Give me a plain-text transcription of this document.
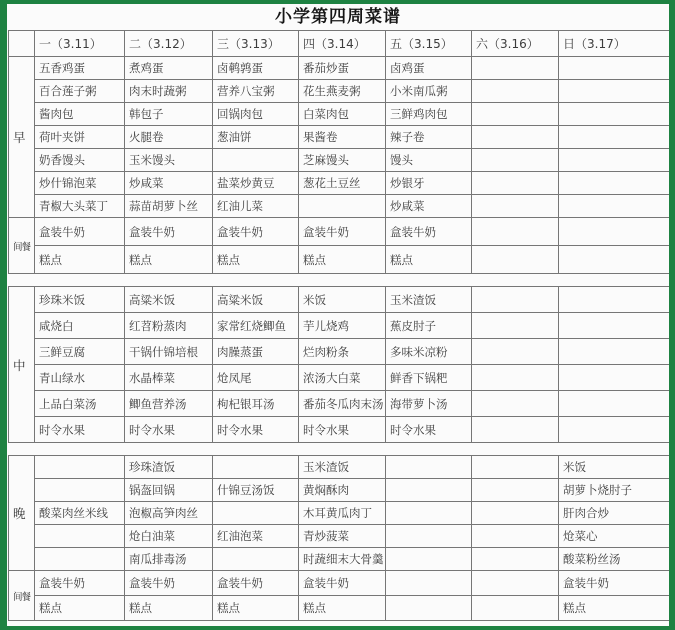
小学第四周菜谱
	一（3.11）	二（3.12）	三（3.13）	四（3.14）	五（3.15）	六（3.16）	日（3.17）
早	五香鸡蛋	煮鸡蛋	卤鹌鹑蛋	番茄炒蛋	卤鸡蛋		
	百合莲子粥	肉末时蔬粥	营养八宝粥	花生燕麦粥	小米南瓜粥		
	酱肉包	韩包子	回锅肉包	白菜肉包	三鲜鸡肉包		
	荷叶夹饼	火腿卷	葱油饼	果酱卷	辣子卷		
	奶香馒头	玉米馒头		芝麻馒头	馒头		
	炒什锦泡菜	炒咸菜	盐菜炒黄豆	葱花土豆丝	炒银牙		
	青椒大头菜丁	蒜苗胡萝卜丝	红油儿菜		炒咸菜		
间餐	盒装牛奶	盒装牛奶	盒装牛奶	盒装牛奶	盒装牛奶		
	糕点	糕点	糕点	糕点	糕点		

中	珍珠米饭	高粱米饭	高粱米饭	米饭	玉米渣饭		
	咸烧白	红苕粉蒸肉	家常红烧鲫鱼	芋儿烧鸡	蕉皮肘子		
	三鲜豆腐	干锅什锦培根	肉臊蒸蛋	烂肉粉条	多味米凉粉		
	青山绿水	水晶棒菜	炝凤尾	浓汤大白菜	鲜香下锅粑		
	上品白菜汤	鲫鱼营养汤	枸杞银耳汤	番茄冬瓜肉末汤	海带萝卜汤		
	时令水果	时令水果	时令水果	时令水果	时令水果		

晚		珍珠渣饭		玉米渣饭			米饭
		锅盔回锅	什锦豆汤饭	黄焖酥肉			胡萝卜烧肘子
	酸菜肉丝米线	泡椒高笋肉丝		木耳黄瓜肉丁			肝肉合炒
		炝白油菜	红油泡菜	青炒菠菜			炝菜心
		南瓜排毒汤		时蔬细末大骨羹			酸菜粉丝汤
间餐	盒装牛奶	盒装牛奶	盒装牛奶	盒装牛奶			盒装牛奶
	糕点	糕点	糕点	糕点			糕点
